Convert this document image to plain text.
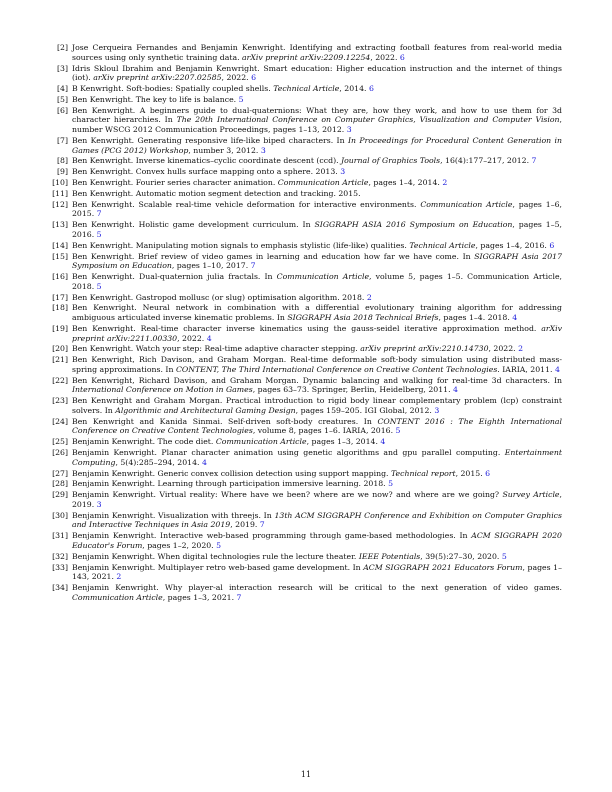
[2] Jose Cerqueira Fernandes and Benjamin Kenwright. Identifying and extracting football features from real-world media sources using only synthetic training data. arXiv preprint arXiv:2209.12254, 2022. 6
[3] Idris Skloul Ibrahim and Benjamin Kenwright. Smart education: Higher education instruction and the internet of things (iot). arXiv preprint arXiv:2207.02585, 2022. 6
[4] B Kenwright. Soft-bodies: Spatially coupled shells. Technical Article, 2014. 6
[5] Ben Kenwright. The key to life is balance. 5
[6] Ben Kenwright. A beginners guide to dual-quaternions: What they are, how they work, and how to use them for 3d character hierarchies. In The 20th International Conference on Computer Graphics, Visualization and Computer Vision, number WSCG 2012 Communication Proceedings, pages 1–13, 2012. 3
[7] Ben Kenwright. Generating responsive life-like biped characters. In In Proceedings for Procedural Content Generation in Games (PCG 2012) Workshop, number 3, 2012. 3
[8] Ben Kenwright. Inverse kinematics–cyclic coordinate descent (ccd). Journal of Graphics Tools, 16(4):177–217, 2012. 7
[9] Ben Kenwright. Convex hulls surface mapping onto a sphere. 2013. 3
[10] Ben Kenwright. Fourier series character animation. Communication Article, pages 1–4, 2014. 2
[11] Ben Kenwright. Automatic motion segment detection and tracking. 2015.
[12] Ben Kenwright. Scalable real-time vehicle deformation for interactive environments. Communication Article, pages 1–6, 2015. 7
[13] Ben Kenwright. Holistic game development curriculum. In SIGGRAPH ASIA 2016 Symposium on Education, pages 1–5, 2016. 5
[14] Ben Kenwright. Manipulating motion signals to emphasis stylistic (life-like) qualities. Technical Article, pages 1–4, 2016. 6
[15] Ben Kenwright. Brief review of video games in learning and education how far we have come. In SIGGRAPH Asia 2017 Symposium on Education, pages 1–10, 2017. 7
[16] Ben Kenwright. Dual-quaternion julia fractals. In Communication Article, volume 5, pages 1–5. Communication Article, 2018. 5
[17] Ben Kenwright. Gastropod mollusc (or slug) optimisation algorithm. 2018. 2
[18] Ben Kenwright. Neural network in combination with a differential evolutionary training algorithm for addressing ambiguous articulated inverse kinematic problems. In SIGGRAPH Asia 2018 Technical Briefs, pages 1–4. 2018. 4
[19] Ben Kenwright. Real-time character inverse kinematics using the gauss-seidel iterative approximation method. arXiv preprint arXiv:2211.00330, 2022. 4
[20] Ben Kenwright. Watch your step: Real-time adaptive character stepping. arXiv preprint arXiv:2210.14730, 2022. 2
[21] Ben Kenwright, Rich Davison, and Graham Morgan. Real-time deformable soft-body simulation using distributed mass-spring approximations. In CONTENT, The Third International Conference on Creative Content Technologies. IARIA, 2011. 4
[22] Ben Kenwright, Richard Davison, and Graham Morgan. Dynamic balancing and walking for real-time 3d characters. In International Conference on Motion in Games, pages 63–73. Springer, Berlin, Heidelberg, 2011. 4
[23] Ben Kenwright and Graham Morgan. Practical introduction to rigid body linear complementary problem (lcp) constraint solvers. In Algorithmic and Architectural Gaming Design, pages 159–205. IGI Global, 2012. 3
[24] Ben Kenwright and Kanida Sinmai. Self-driven soft-body creatures. In CONTENT 2016 : The Eighth International Conference on Creative Content Technologies, volume 8, pages 1–6. IARIA, 2016. 5
[25] Benjamin Kenwright. The code diet. Communication Article, pages 1–3, 2014. 4
[26] Benjamin Kenwright. Planar character animation using genetic algorithms and gpu parallel computing. Entertainment Computing, 5(4):285–294, 2014. 4
[27] Benjamin Kenwright. Generic convex collision detection using support mapping. Technical report, 2015. 6
[28] Benjamin Kenwright. Learning through participation immersive learning. 2018. 5
[29] Benjamin Kenwright. Virtual reality: Where have we been? where are we now? and where are we going? Survey Article, 2019. 3
[30] Benjamin Kenwright. Visualization with threejs. In 13th ACM SIGGRAPH Conference and Exhibition on Computer Graphics and Interactive Techniques in Asia 2019, 2019. 7
[31] Benjamin Kenwright. Interactive web-based programming through game-based methodologies. In ACM SIGGRAPH 2020 Educator's Forum, pages 1–2, 2020. 5
[32] Benjamin Kenwright. When digital technologies rule the lecture theater. IEEE Potentials, 39(5):27–30, 2020. 5
[33] Benjamin Kenwright. Multiplayer retro web-based game development. In ACM SIGGRAPH 2021 Educators Forum, pages 1–143, 2021. 2
[34] Benjamin Kenwright. Why player-al interaction research will be critical to the next generation of video games. Communication Article, pages 1–3, 2021. 7
11
